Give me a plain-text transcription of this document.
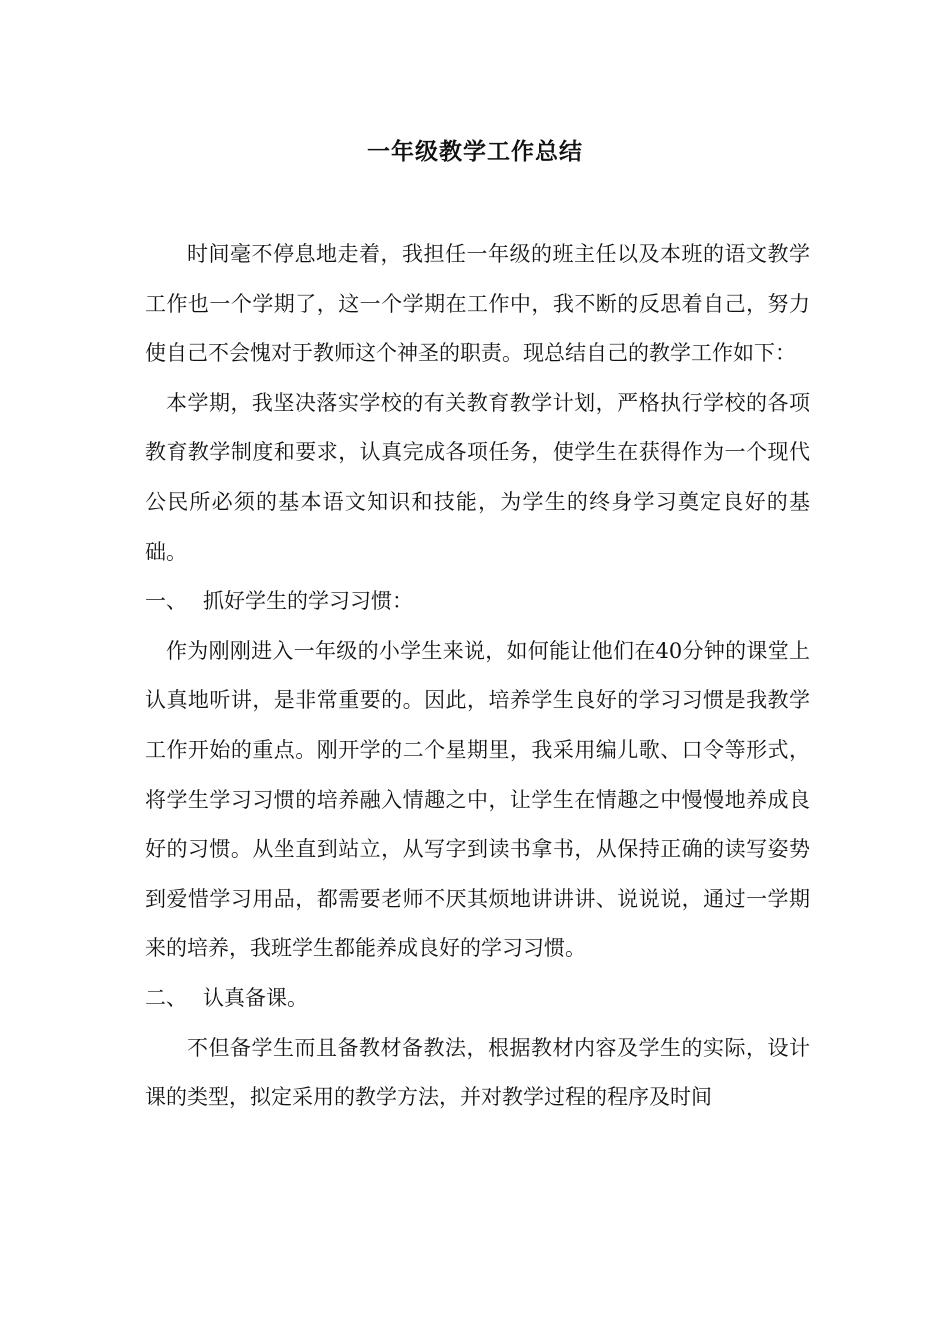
一年级教学工作总结

时间毫不停息地走着，我担任一年级的班主任以及本班的语文教学工作也一个学期了，这一个学期在工作中，我不断的反思着自己，努力使自己不会愧对于教师这个神圣的职责。现总结自己的教学工作如下：

本学期，我坚决落实学校的有关教育教学计划，严格执行学校的各项教育教学制度和要求，认真完成各项任务，使学生在获得作为一个现代公民所必须的基本语文知识和技能，为学生的终身学习奠定良好的基础。

一、 抓好学生的学习习惯：

作为刚刚进入一年级的小学生来说，如何能让他们在40分钟的课堂上认真地听讲，是非常重要的。因此，培养学生良好的学习习惯是我教学工作开始的重点。刚开学的二个星期里，我采用编儿歌、口令等形式，将学生学习习惯的培养融入情趣之中，让学生在情趣之中慢慢地养成良好的习惯。从坐直到站立，从写字到读书拿书，从保持正确的读写姿势到爱惜学习用品，都需要老师不厌其烦地讲讲讲、说说说，通过一学期来的培养，我班学生都能养成良好的学习习惯。

二、 认真备课。

不但备学生而且备教材备教法，根据教材内容及学生的实际，设计课的类型，拟定采用的教学方法，并对教学过程的程序及时间
